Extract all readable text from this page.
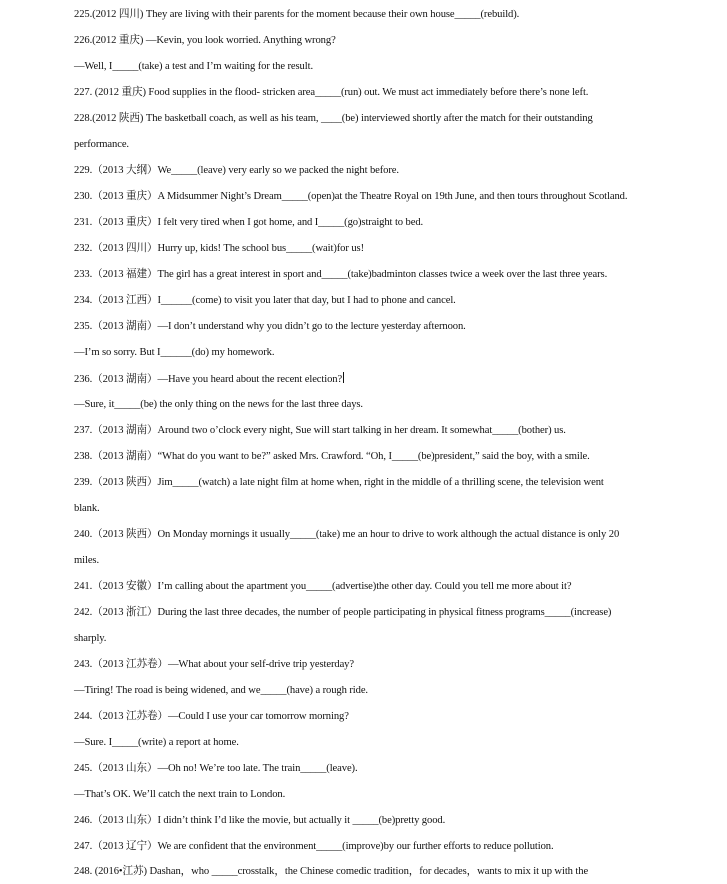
225.(2012 四川) They are living with their parents for the moment because their own house_____(rebuild).
226.(2012 重庆) —Kevin, you look worried. Anything wrong?
—Well, I_____(take) a test and I’m waiting for the result.
227. (2012 重庆) Food supplies in the flood- stricken area_____(run) out. We must act immediately before there’s none left.
228.(2012 陕西) The basketball coach, as well as his team, ____(be) interviewed shortly after the match for their outstanding
performance.
229.（2013 大纲）We_____(leave) very early so we packed the night before.
230.（2013 重庆）A Midsummer Night’s Dream_____(open)at the Theatre Royal on 19th June, and then tours throughout Scotland.
231.（2013 重庆）I felt very tired when I got home, and I_____(go)straight to bed.
232.（2013 四川）Hurry up, kids! The school bus_____(wait)for us!
233.（2013 福建）The girl has a great interest in sport and_____(take)badminton classes twice a week over the last three years.
234.（2013 江西）I______(come) to visit you later that day, but I had to phone and cancel.
235.（2013 湖南）—I don’t understand why you didn’t go to the lecture yesterday afternoon.
—I’m so sorry. But I______(do) my homework.
236.（2013 湖南）—Have you heard about the recent election?
—Sure, it_____(be) the only thing on the news for the last three days.
237.（2013 湖南）Around two o’clock every night, Sue will start talking in her dream. It somewhat_____(bother) us.
238.（2013 湖南）“What do you want to be?” asked Mrs. Crawford. “Oh, I_____(be)president,” said the boy, with a smile.
239.（2013 陕西）Jim_____(watch) a late night film at home when, right in the middle of a thrilling scene, the television went
blank.
240.（2013 陕西）On Monday mornings it usually_____(take) me an hour to drive to work although the actual distance is only 20
miles.
241.（2013 安徽）I’m calling about the apartment you_____(advertise)the other day. Could you tell me more about it?
242.（2013 浙江）During the last three decades, the number of people participating in physical fitness programs_____(increase)
sharply.
243.（2013 江苏卷）—What about your self-drive trip yesterday?
—Tiring! The road is being widened, and we_____(have) a rough ride.
244.（2013 江苏卷）—Could I use your car tomorrow morning?
—Sure. I_____(write) a report at home.
245.（2013 山东）—Oh no! We’re too late. The train_____(leave).
—That’s OK. We’ll catch the next train to London.
246.（2013 山东）I didn’t think I’d like the movie, but actually it _____(be)pretty good.
247.（2013 辽宁）We are confident that the environment_____(improve)by our further efforts to reduce pollution.
248. (2016•江苏) Dashan，who _____crosstalk，the Chinese comedic tradition，for decades，wants to mix it up with the
